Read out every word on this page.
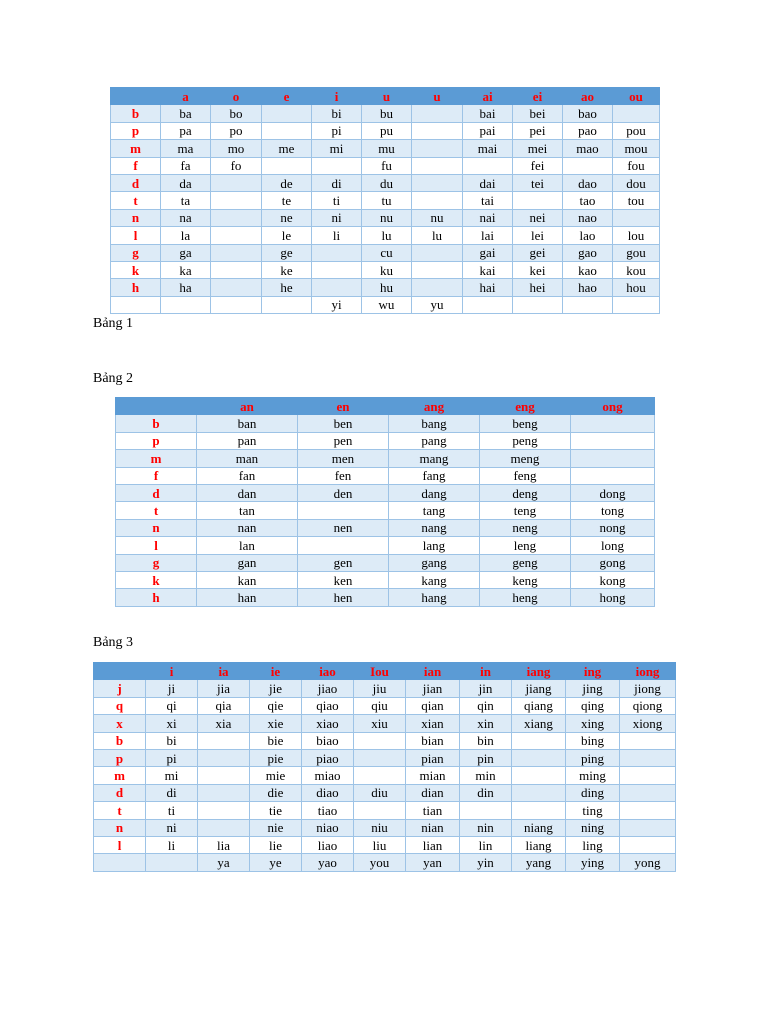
	a	o	e	i	u	u	ai	ei	ao	ou
b	ba	bo		bi	bu		bai	bei	bao	
p	pa	po		pi	pu		pai	pei	pao	pou
m	ma	mo	me	mi	mu		mai	mei	mao	mou
f	fa	fo			fu			fei		fou
d	da		de	di	du		dai	tei	dao	dou
t	ta		te	ti	tu		tai		tao	tou
n	na		ne	ni	nu	nu	nai	nei	nao	
l	la		le	li	lu	lu	lai	lei	lao	lou
g	ga		ge		cu		gai	gei	gao	gou
k	ka		ke		ku		kai	kei	kao	kou
h	ha		he		hu		hai	hei	hao	hou
				yi	wu	yu				
Bảng 1
Bảng 2
	an	en	ang	eng	ong
b	ban	ben	bang	beng	
p	pan	pen	pang	peng	
m	man	men	mang	meng	
f	fan	fen	fang	feng	
d	dan	den	dang	deng	dong
t	tan		tang	teng	tong
n	nan	nen	nang	neng	nong
l	lan		lang	leng	long
g	gan	gen	gang	geng	gong
k	kan	ken	kang	keng	kong
h	han	hen	hang	heng	hong
Bảng 3
	i	ia	ie	iao	Iou	ian	in	iang	ing	iong
j	ji	jia	jie	jiao	jiu	jian	jin	jiang	jing	jiong
q	qi	qia	qie	qiao	qiu	qian	qin	qiang	qing	qiong
x	xi	xia	xie	xiao	xiu	xian	xin	xiang	xing	xiong
b	bi		bie	biao		bian	bin		bing	
p	pi		pie	piao		pian	pin		ping	
m	mi		mie	miao		mian	min		ming	
d	di		die	diao	diu	dian	din		ding	
t	ti		tie	tiao		tian			ting	
n	ni		nie	niao	niu	nian	nin	niang	ning	
l	li	lia	lie	liao	liu	lian	lin	liang	ling	
		ya	ye	yao	you	yan	yin	yang	ying	yong
